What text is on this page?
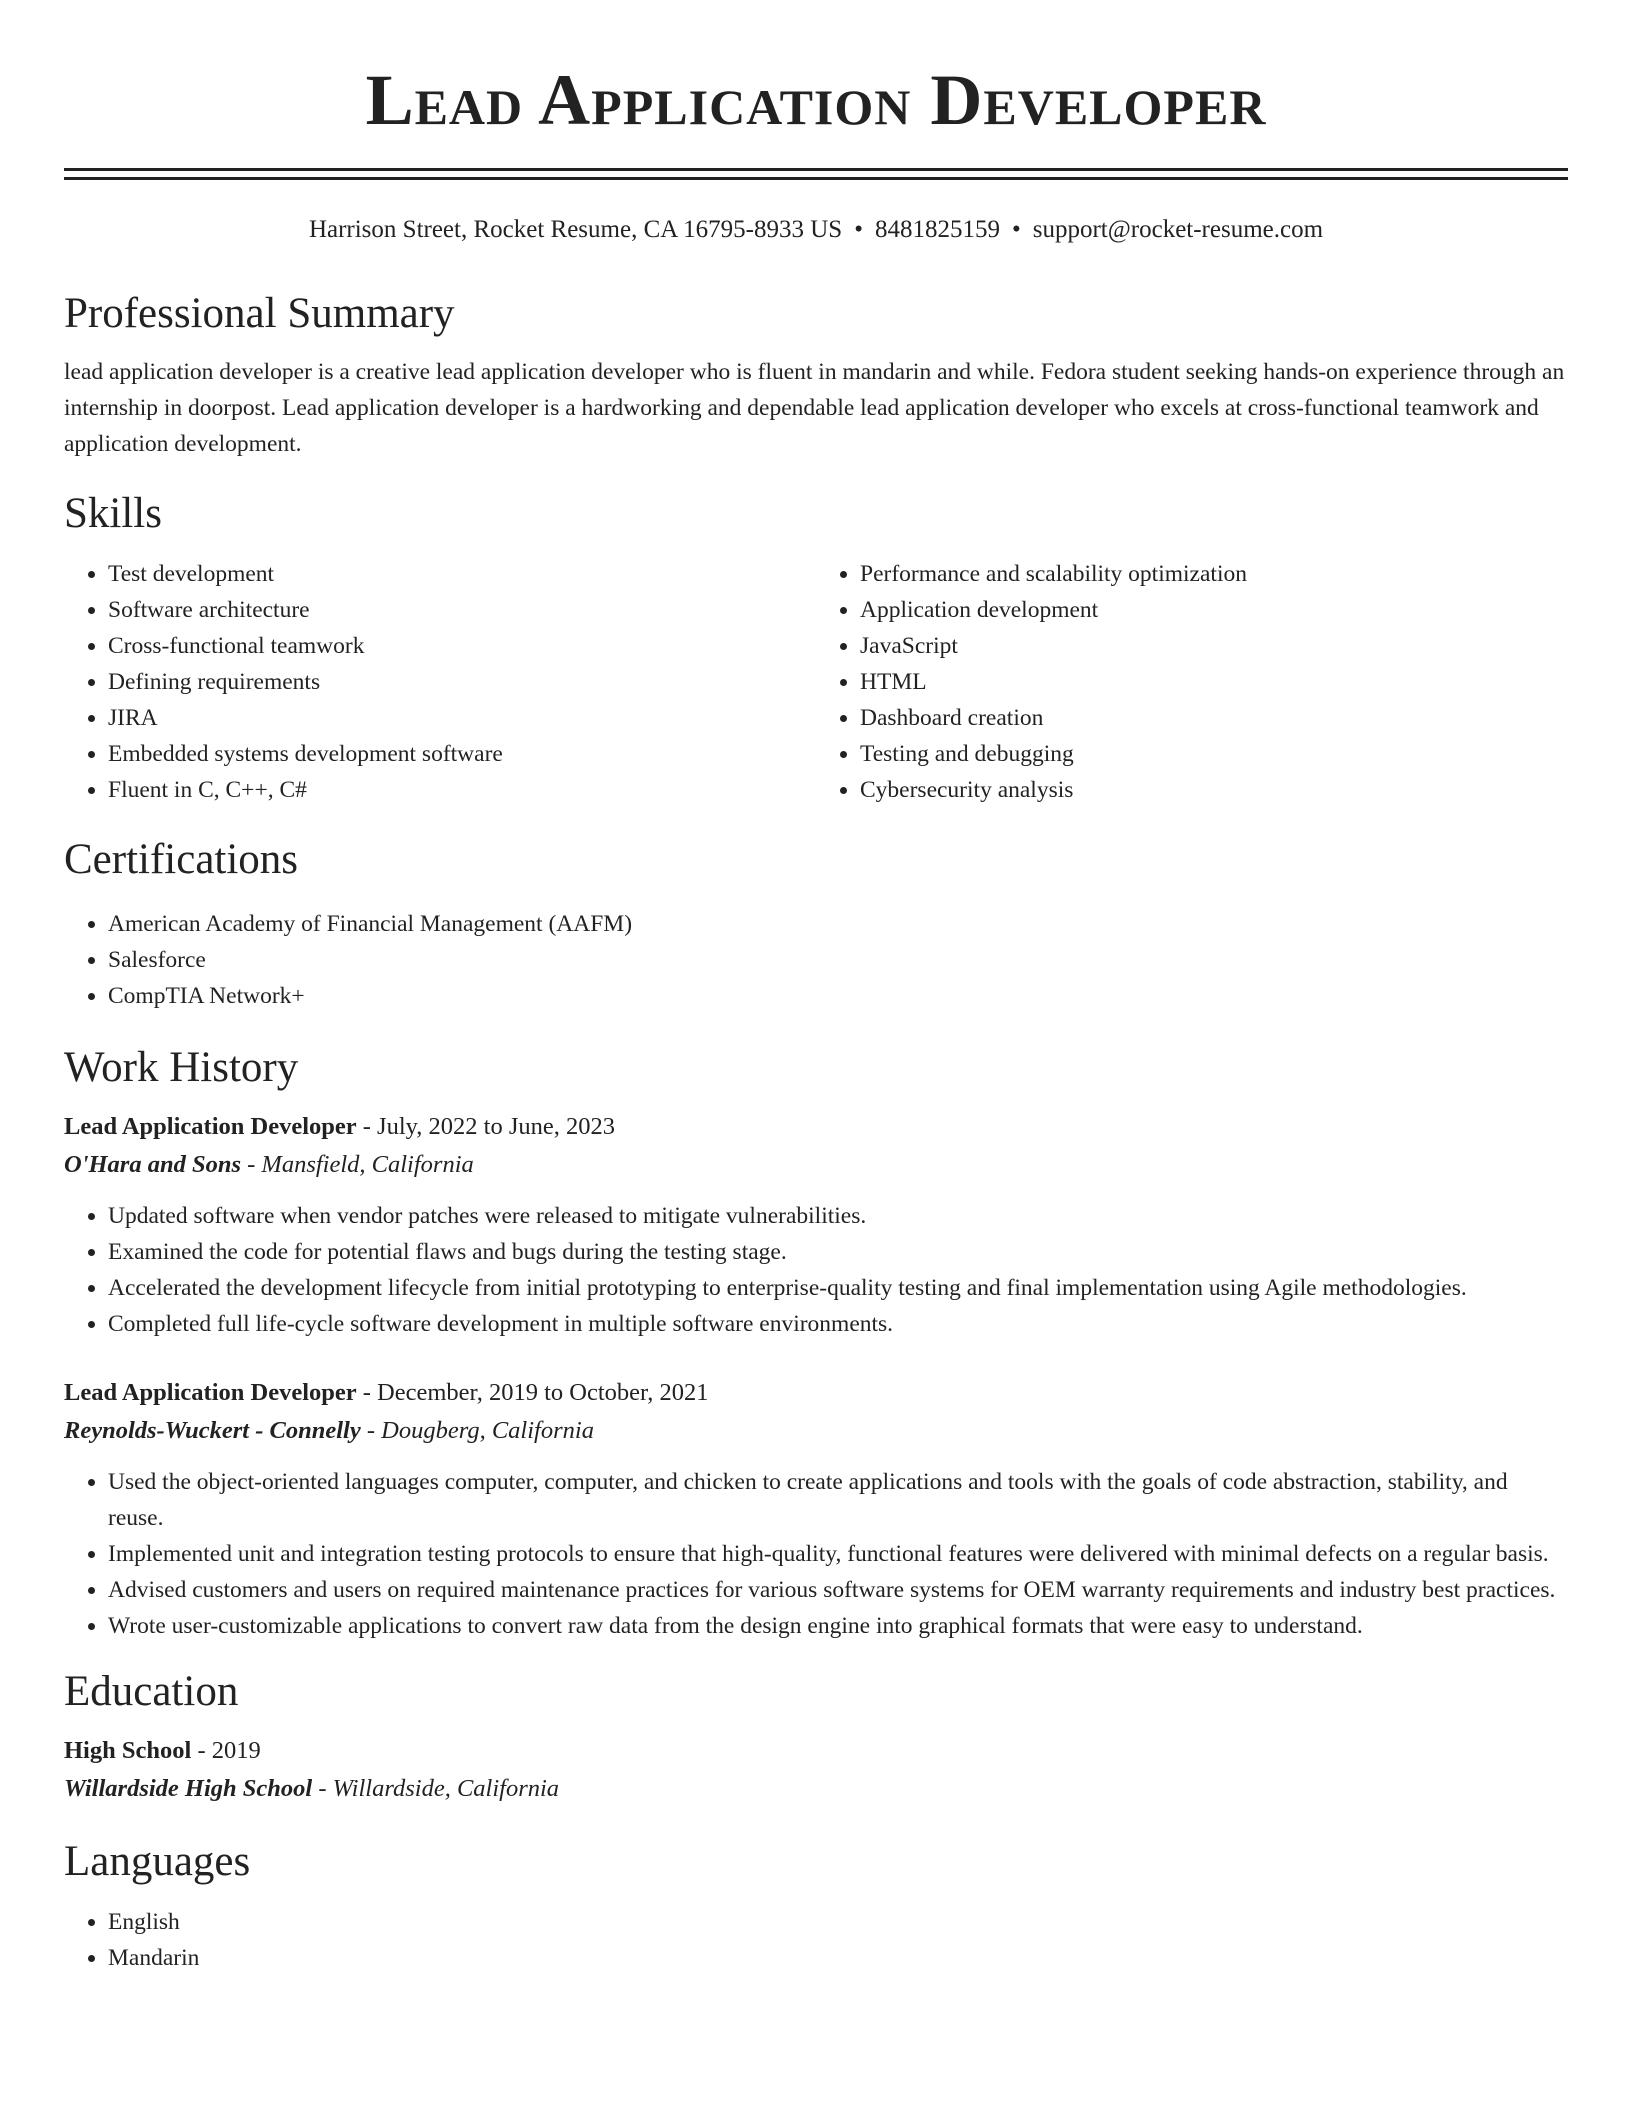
Lead Application Developer
Harrison Street, Rocket Resume, CA 16795-8933 US • 8481825159 • support@rocket-resume.com
Professional Summary

lead application developer is a creative lead application developer who is fluent in mandarin and while. Fedora student seeking hands-on experience through an internship in doorpost. Lead application developer is a hardworking and dependable lead application developer who excels at cross-functional teamwork and application development.

Skills
• Test development
• Software architecture
• Cross-functional teamwork
• Defining requirements
• JIRA
• Embedded systems development software
• Fluent in C, C++, C#
• Performance and scalability optimization
• Application development
• JavaScript
• HTML
• Dashboard creation
• Testing and debugging
• Cybersecurity analysis
Certifications
• American Academy of Financial Management (AAFM)
• Salesforce
• CompTIA Network+
Work History
Lead Application Developer - July, 2022 to June, 2023
O'Hara and Sons - Mansfield, California
• Updated software when vendor patches were released to mitigate vulnerabilities.
• Examined the code for potential flaws and bugs during the testing stage.
• Accelerated the development lifecycle from initial prototyping to enterprise-quality testing and final implementation using Agile methodologies.
• Completed full life-cycle software development in multiple software environments.
Lead Application Developer - December, 2019 to October, 2021
Reynolds-Wuckert - Connelly - Dougberg, California
• Used the object-oriented languages computer, computer, and chicken to create applications and tools with the goals of code abstraction, stability, and reuse.
• Implemented unit and integration testing protocols to ensure that high-quality, functional features were delivered with minimal defects on a regular basis.
• Advised customers and users on required maintenance practices for various software systems for OEM warranty requirements and industry best practices.
• Wrote user-customizable applications to convert raw data from the design engine into graphical formats that were easy to understand.
Education
High School - 2019
Willardside High School - Willardside, California
Languages
• English
• Mandarin
